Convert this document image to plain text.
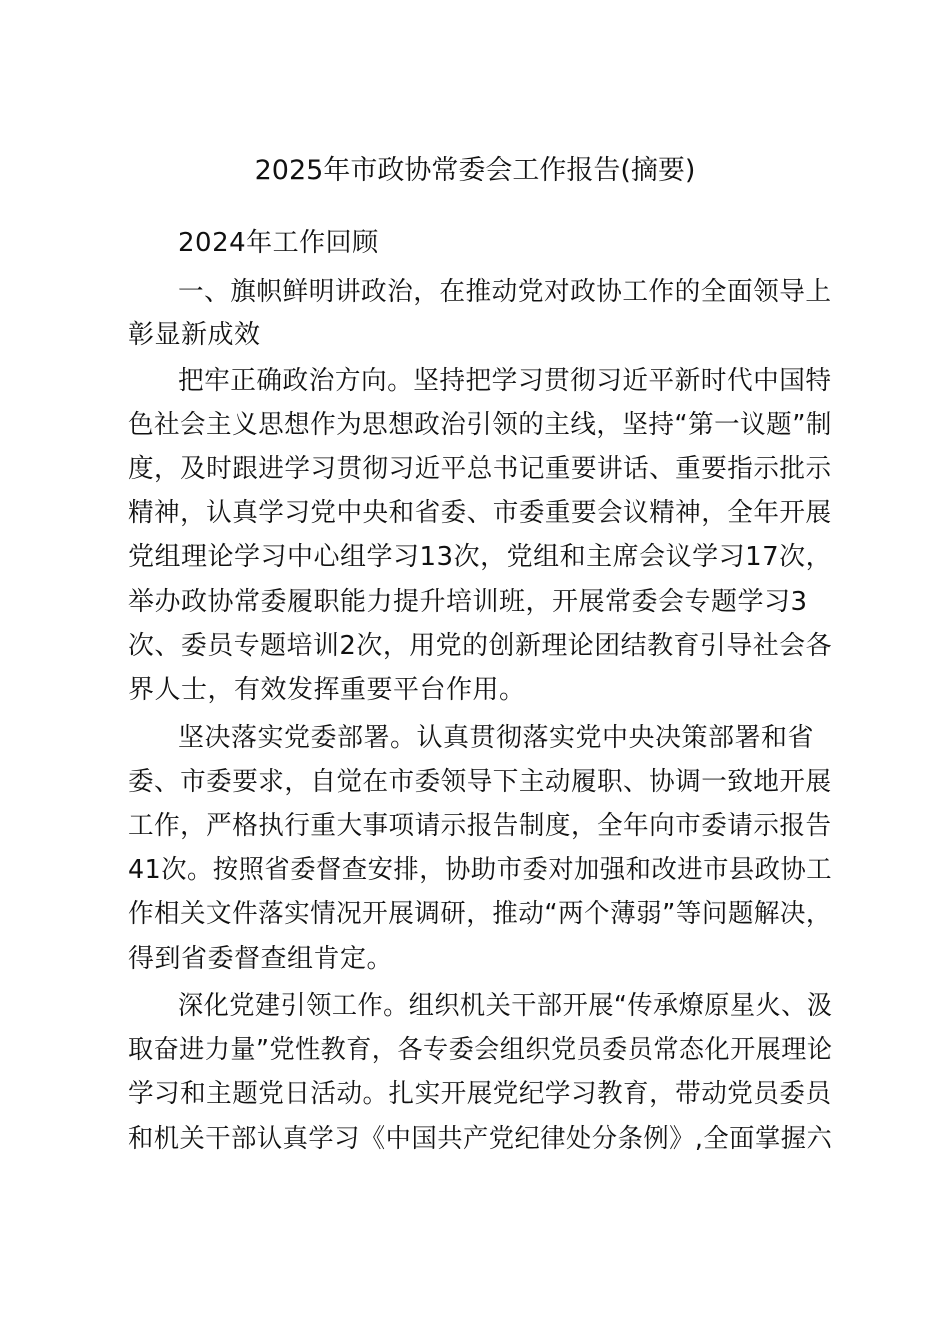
2025年市政协常委会工作报告(摘要)
2024年工作回顾
一、旗帜鲜明讲政治，在推动党对政协工作的全面领导上
彰显新成效
把牢正确政治方向。坚持把学习贯彻习近平新时代中国特
色社会主义思想作为思想政治引领的主线，坚持“第一议题”制
度，及时跟进学习贯彻习近平总书记重要讲话、重要指示批示
精神，认真学习党中央和省委、市委重要会议精神，全年开展
党组理论学习中心组学习13次，党组和主席会议学习17次，
举办政协常委履职能力提升培训班，开展常委会专题学习3
次、委员专题培训2次，用党的创新理论团结教育引导社会各
界人士，有效发挥重要平台作用。
坚决落实党委部署。认真贯彻落实党中央决策部署和省
委、市委要求，自觉在市委领导下主动履职、协调一致地开展
工作，严格执行重大事项请示报告制度，全年向市委请示报告
41次。按照省委督查安排，协助市委对加强和改进市县政协工
作相关文件落实情况开展调研，推动“两个薄弱”等问题解决，
得到省委督查组肯定。
深化党建引领工作。组织机关干部开展“传承燎原星火、汲
取奋进力量”党性教育，各专委会组织党员委员常态化开展理论
学习和主题党日活动。扎实开展党纪学习教育，带动党员委员
和机关干部认真学习《中国共产党纪律处分条例》,全面掌握六
